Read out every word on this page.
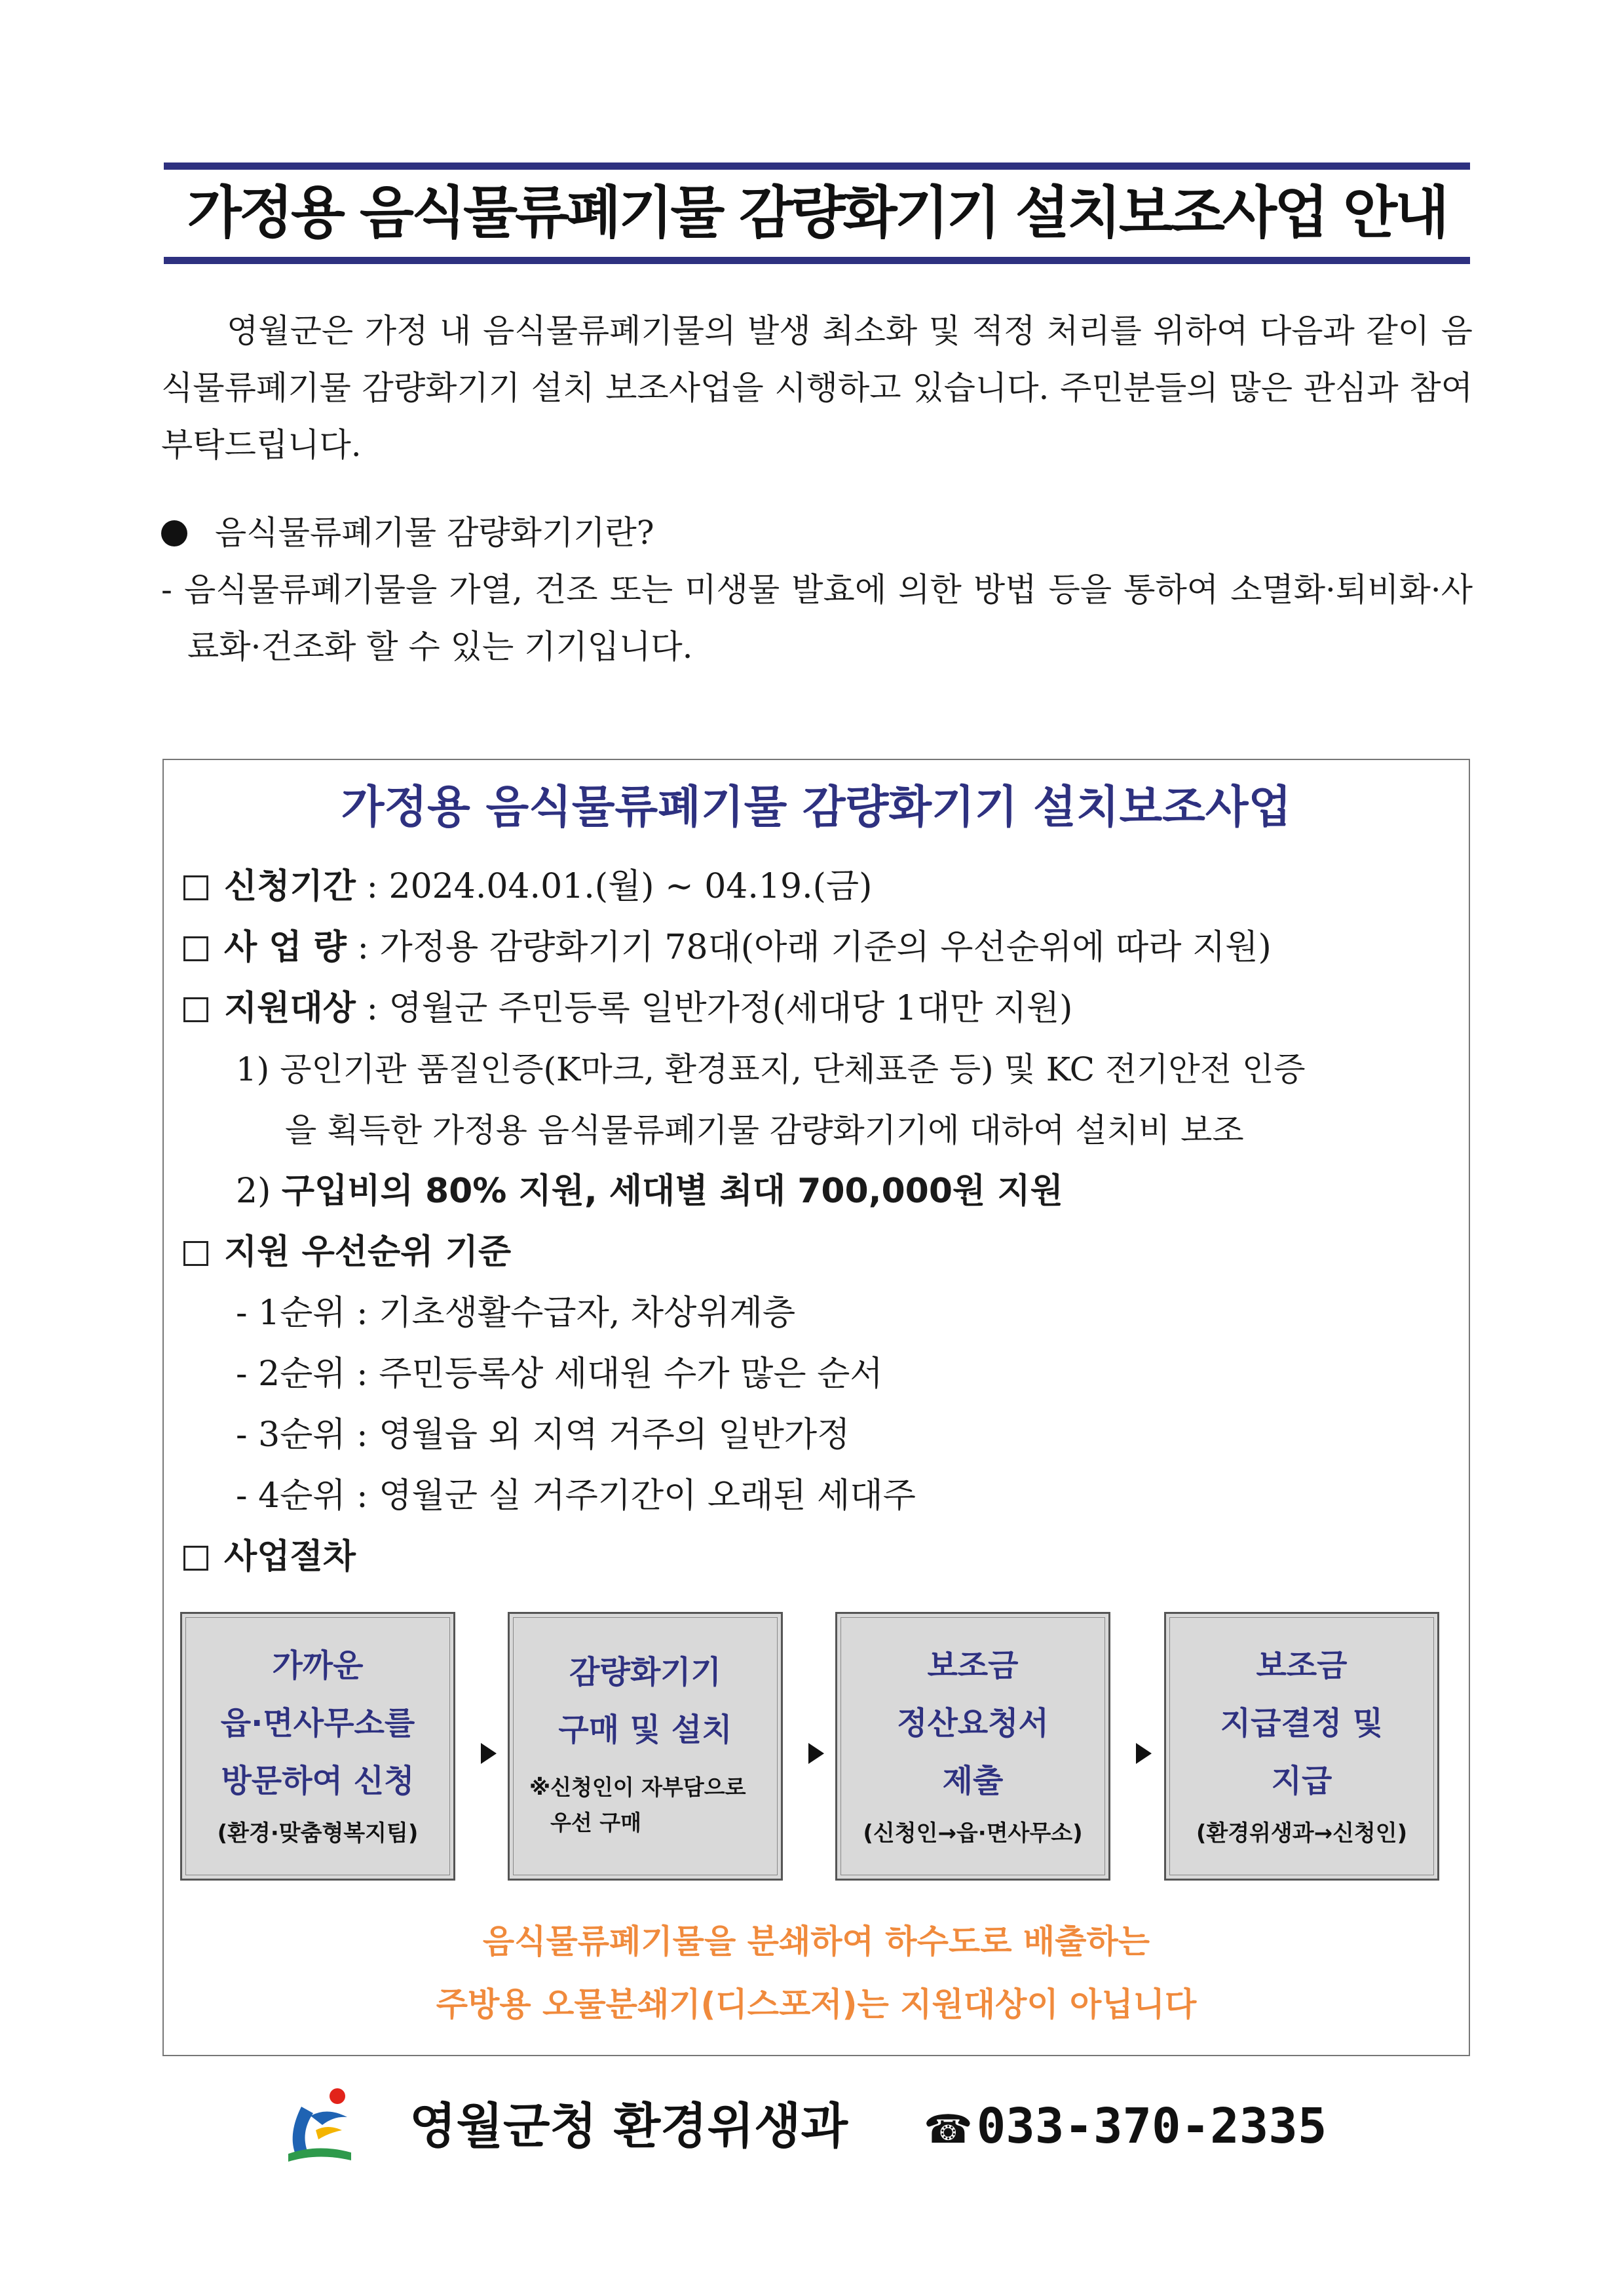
가정용 음식물류폐기물 감량화기기 설치보조사업 안내

영월군은 가정 내 음식물류폐기물의 발생 최소화 및 적정 처리를 위하여 다음과 같이 음식물류폐기물 감량화기기 설치 보조사업을 시행하고 있습니다. 주민분들의 많은 관심과 참여 부탁드립니다.

음식물류폐기물 감량화기기란?

- 음식물류폐기물을 가열, 건조 또는 미생물 발효에 의한 방법 등을 통하여 소멸화·퇴비화·사료화·건조화 할 수 있는 기기입니다.

가정용 음식물류폐기물 감량화기기 설치보조사업
신청기간 : 2024.04.01.(월) ~ 04.19.(금)
사 업 량 : 가정용 감량화기기 78대(아래 기준의 우선순위에 따라 지원)
지원대상 : 영월군 주민등록 일반가정(세대당 1대만 지원)
1) 공인기관 품질인증(K마크, 환경표지, 단체표준 등) 및 KC 전기안전 인증
을 획득한 가정용 음식물류폐기물 감량화기기에 대하여 설치비 보조
2) 구입비의 80% 지원, 세대별 최대 700,000원 지원
지원 우선순위 기준
- 1순위 : 기초생활수급자, 차상위계층
- 2순위 : 주민등록상 세대원 수가 많은 순서
- 3순위 : 영월읍 외 지역 거주의 일반가정
- 4순위 : 영월군 실 거주기간이 오래된 세대주
사업절차
가까운
읍·면사무소를
방문하여 신청
(환경·맞춤형복지팀)
감량화기기
구매 및 설치
※신청인이 자부담으로
우선 구매
보조금
정산요청서
제출
(신청인→읍·면사무소)
보조금
지급결정 및
지급
(환경위생과→신청인)
음식물류폐기물을 분쇄하여 하수도로 배출하는
주방용 오물분쇄기(디스포저)는 지원대상이 아닙니다
영월군청 환경위생과 ☎033-370-2335
